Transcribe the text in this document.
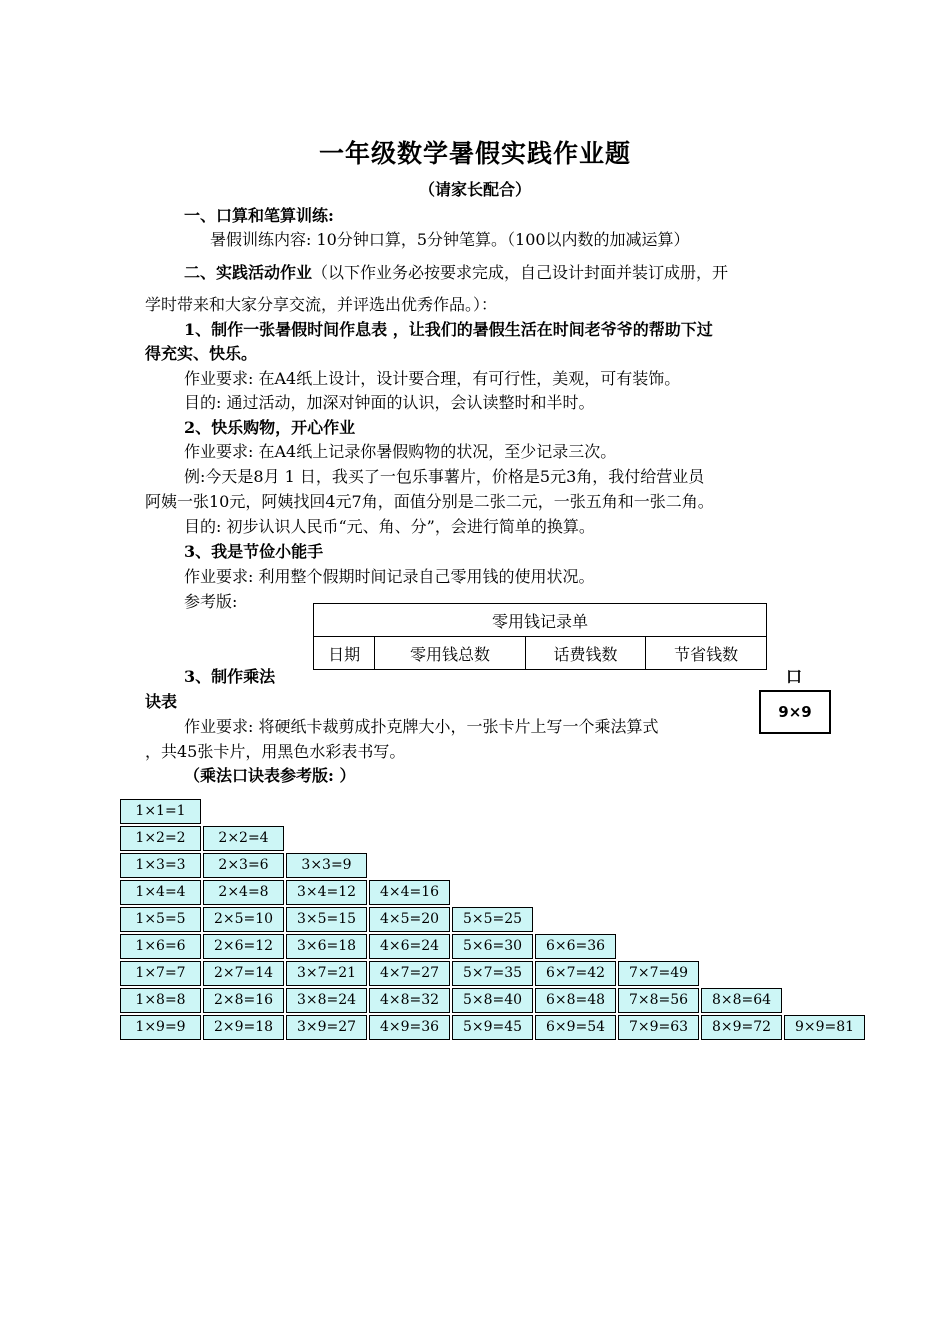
一年级数学暑假实践作业题
（请家长配合）
一、口算和笔算训练:
暑假训练内容: 10分钟口算，5分钟笔算。（100以内数的加减运算）
二、实践活动作业（以下作业务必按要求完成，自己设计封面并装订成册，开
学时带来和大家分享交流，并评选出优秀作品。）：
1、制作一张暑假时间作息表 ，让我们的暑假生活在时间老爷爷的帮助下过
得充实、快乐。
作业要求: 在A4纸上设计，设计要合理，有可行性，美观，可有装饰。
目的: 通过活动，加深对钟面的认识，会认读整时和半时。
2、快乐购物，开心作业
作业要求: 在A4纸上记录你暑假购物的状况，至少记录三次。
例:今天是8月 1 日，我买了一包乐事薯片，价格是5元3角，我付给营业员
阿姨一张10元，阿姨找回4元7角，面值分别是二张二元，一张五角和一张二角。
目的: 初步认识人民币“元、角、分”，会进行简单的换算。
3、我是节俭小能手
作业要求: 利用整个假期时间记录自己零用钱的使用状况。
参考版:
零用钱记录单
日期	零用钱总数	话费钱数	节省钱数
3、制作乘法	口
诀表
9×9
作业要求: 将硬纸卡裁剪成扑克牌大小，一张卡片上写一个乘法算式
，共45张卡片，用黑色水彩表书写。
（乘法口诀表参考版: ）
1×1=1
1×2=2	2×2=4
1×3=3	2×3=6	3×3=9
1×4=4	2×4=8	3×4=12	4×4=16
1×5=5	2×5=10	3×5=15	4×5=20	5×5=25
1×6=6	2×6=12	3×6=18	4×6=24	5×6=30	6×6=36
1×7=7	2×7=14	3×7=21	4×7=27	5×7=35	6×7=42	7×7=49
1×8=8	2×8=16	3×8=24	4×8=32	5×8=40	6×8=48	7×8=56	8×8=64
1×9=9	2×9=18	3×9=27	4×9=36	5×9=45	6×9=54	7×9=63	8×9=72	9×9=81
